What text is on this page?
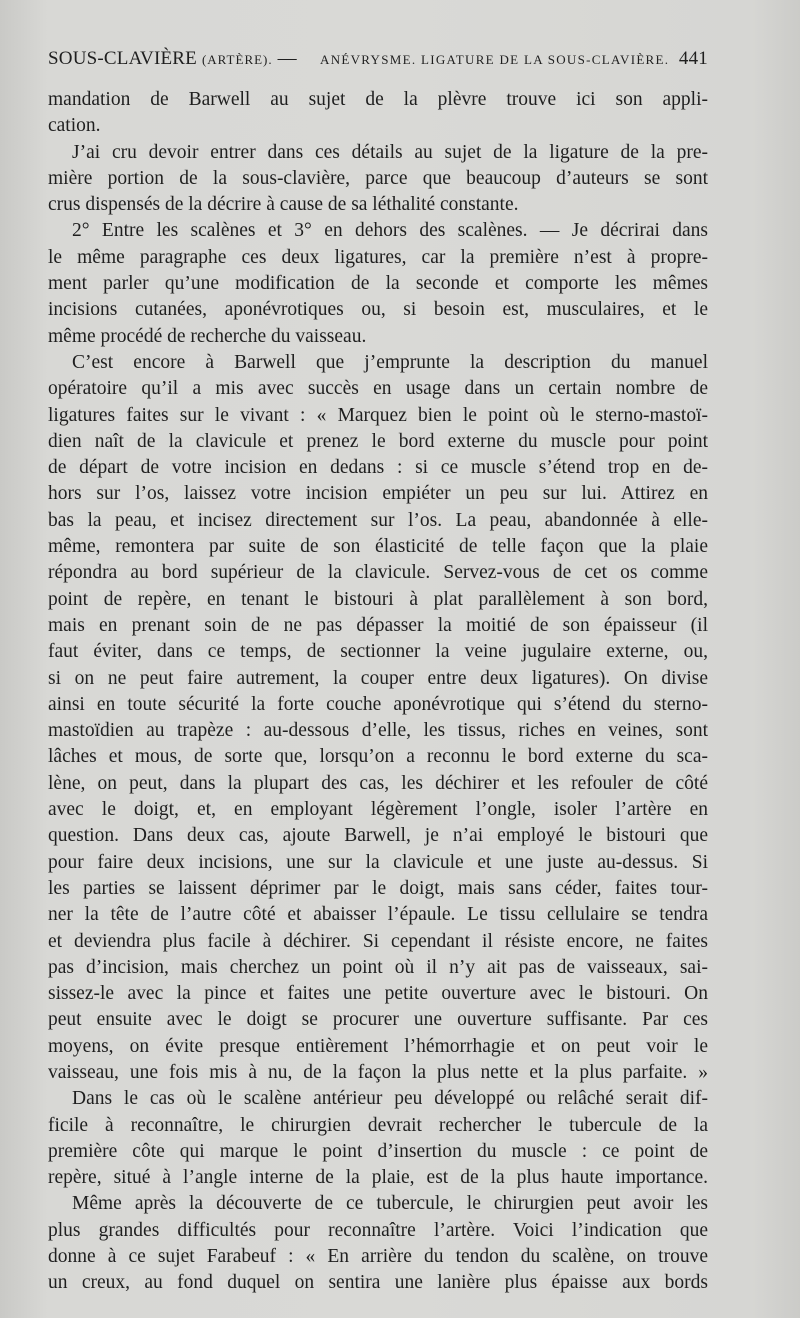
SOUS-CLAVIÈRE (ARTÈRE). — ANÉVRYSME. LIGATURE DE LA SOUS-CLAVIÈRE. 441
mandation de Barwell au sujet de la plèvre trouve ici son appli-
cation.
J’ai cru devoir entrer dans ces détails au sujet de la ligature de la pre-
mière portion de la sous-clavière, parce que beaucoup d’auteurs se sont
crus dispensés de la décrire à cause de sa léthalité constante.
2° Entre les scalènes et 3° en dehors des scalènes. — Je décrirai dans
le même paragraphe ces deux ligatures, car la première n’est à propre-
ment parler qu’une modification de la seconde et comporte les mêmes
incisions cutanées, aponévrotiques ou, si besoin est, musculaires, et le
même procédé de recherche du vaisseau.
C’est encore à Barwell que j’emprunte la description du manuel
opératoire qu’il a mis avec succès en usage dans un certain nombre de
ligatures faites sur le vivant : « Marquez bien le point où le sterno-mastoï-
dien naît de la clavicule et prenez le bord externe du muscle pour point
de départ de votre incision en dedans : si ce muscle s’étend trop en de-
hors sur l’os, laissez votre incision empiéter un peu sur lui. Attirez en
bas la peau, et incisez directement sur l’os. La peau, abandonnée à elle-
même, remontera par suite de son élasticité de telle façon que la plaie
répondra au bord supérieur de la clavicule. Servez-vous de cet os comme
point de repère, en tenant le bistouri à plat parallèlement à son bord,
mais en prenant soin de ne pas dépasser la moitié de son épaisseur (il
faut éviter, dans ce temps, de sectionner la veine jugulaire externe, ou,
si on ne peut faire autrement, la couper entre deux ligatures). On divise
ainsi en toute sécurité la forte couche aponévrotique qui s’étend du sterno-
mastoïdien au trapèze : au-dessous d’elle, les tissus, riches en veines, sont
lâches et mous, de sorte que, lorsqu’on a reconnu le bord externe du sca-
lène, on peut, dans la plupart des cas, les déchirer et les refouler de côté
avec le doigt, et, en employant légèrement l’ongle, isoler l’artère en
question. Dans deux cas, ajoute Barwell, je n’ai employé le bistouri que
pour faire deux incisions, une sur la clavicule et une juste au-dessus. Si
les parties se laissent déprimer par le doigt, mais sans céder, faites tour-
ner la tête de l’autre côté et abaisser l’épaule. Le tissu cellulaire se tendra
et deviendra plus facile à déchirer. Si cependant il résiste encore, ne faites
pas d’incision, mais cherchez un point où il n’y ait pas de vaisseaux, sai-
sissez-le avec la pince et faites une petite ouverture avec le bistouri. On
peut ensuite avec le doigt se procurer une ouverture suffisante. Par ces
moyens, on évite presque entièrement l’hémorrhagie et on peut voir le
vaisseau, une fois mis à nu, de la façon la plus nette et la plus parfaite. »
Dans le cas où le scalène antérieur peu développé ou relâché serait dif-
ficile à reconnaître, le chirurgien devrait rechercher le tubercule de la
première côte qui marque le point d’insertion du muscle : ce point de
repère, situé à l’angle interne de la plaie, est de la plus haute importance.
Même après la découverte de ce tubercule, le chirurgien peut avoir les
plus grandes difficultés pour reconnaître l’artère. Voici l’indication que
donne à ce sujet Farabeuf : « En arrière du tendon du scalène, on trouve
un creux, au fond duquel on sentira une lanière plus épaisse aux bords
